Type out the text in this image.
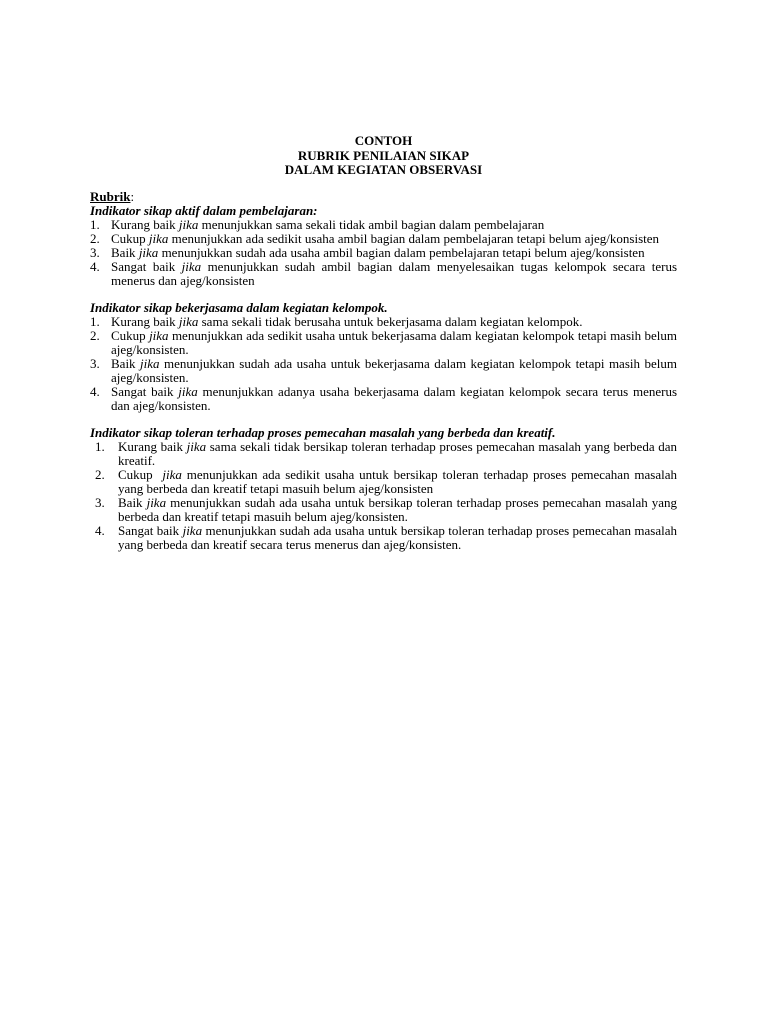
CONTOH
RUBRIK PENILAIAN SIKAP
DALAM KEGIATAN OBSERVASI
Rubrik:
Indikator sikap aktif dalam pembelajaran:
1. Kurang baik jika menunjukkan sama sekali tidak ambil bagian dalam pembelajaran
2. Cukup jika menunjukkan ada sedikit usaha ambil bagian dalam pembelajaran tetapi belum ajeg/konsisten
3. Baik jika menunjukkan sudah ada usaha ambil bagian dalam pembelajaran tetapi belum ajeg/konsisten
4. Sangat baik jika menunjukkan sudah ambil bagian dalam menyelesaikan tugas kelompok secara terus menerus dan ajeg/konsisten
Indikator sikap bekerjasama dalam kegiatan kelompok.
1. Kurang baik jika sama sekali tidak berusaha untuk bekerjasama dalam kegiatan kelompok.
2. Cukup jika menunjukkan ada sedikit usaha untuk bekerjasama dalam kegiatan kelompok tetapi masih belum ajeg/konsisten.
3. Baik jika menunjukkan sudah ada usaha untuk bekerjasama dalam kegiatan kelompok tetapi masih belum ajeg/konsisten.
4. Sangat baik jika menunjukkan adanya usaha bekerjasama dalam kegiatan kelompok secara terus menerus dan ajeg/konsisten.
Indikator sikap toleran terhadap proses pemecahan masalah yang berbeda dan kreatif.
1.	Kurang baik jika sama sekali tidak bersikap toleran terhadap proses pemecahan masalah yang berbeda dan kreatif.
2.	Cukup  jika menunjukkan ada sedikit usaha untuk bersikap toleran terhadap proses pemecahan masalah yang berbeda dan kreatif tetapi masuih belum ajeg/konsisten
3.	Baik jika menunjukkan sudah ada usaha untuk bersikap toleran terhadap proses pemecahan masalah yang berbeda dan kreatif tetapi masuih belum ajeg/konsisten.
4.	Sangat baik jika menunjukkan sudah ada usaha untuk bersikap toleran terhadap proses pemecahan masalah yang berbeda dan kreatif secara terus menerus dan ajeg/konsisten.
